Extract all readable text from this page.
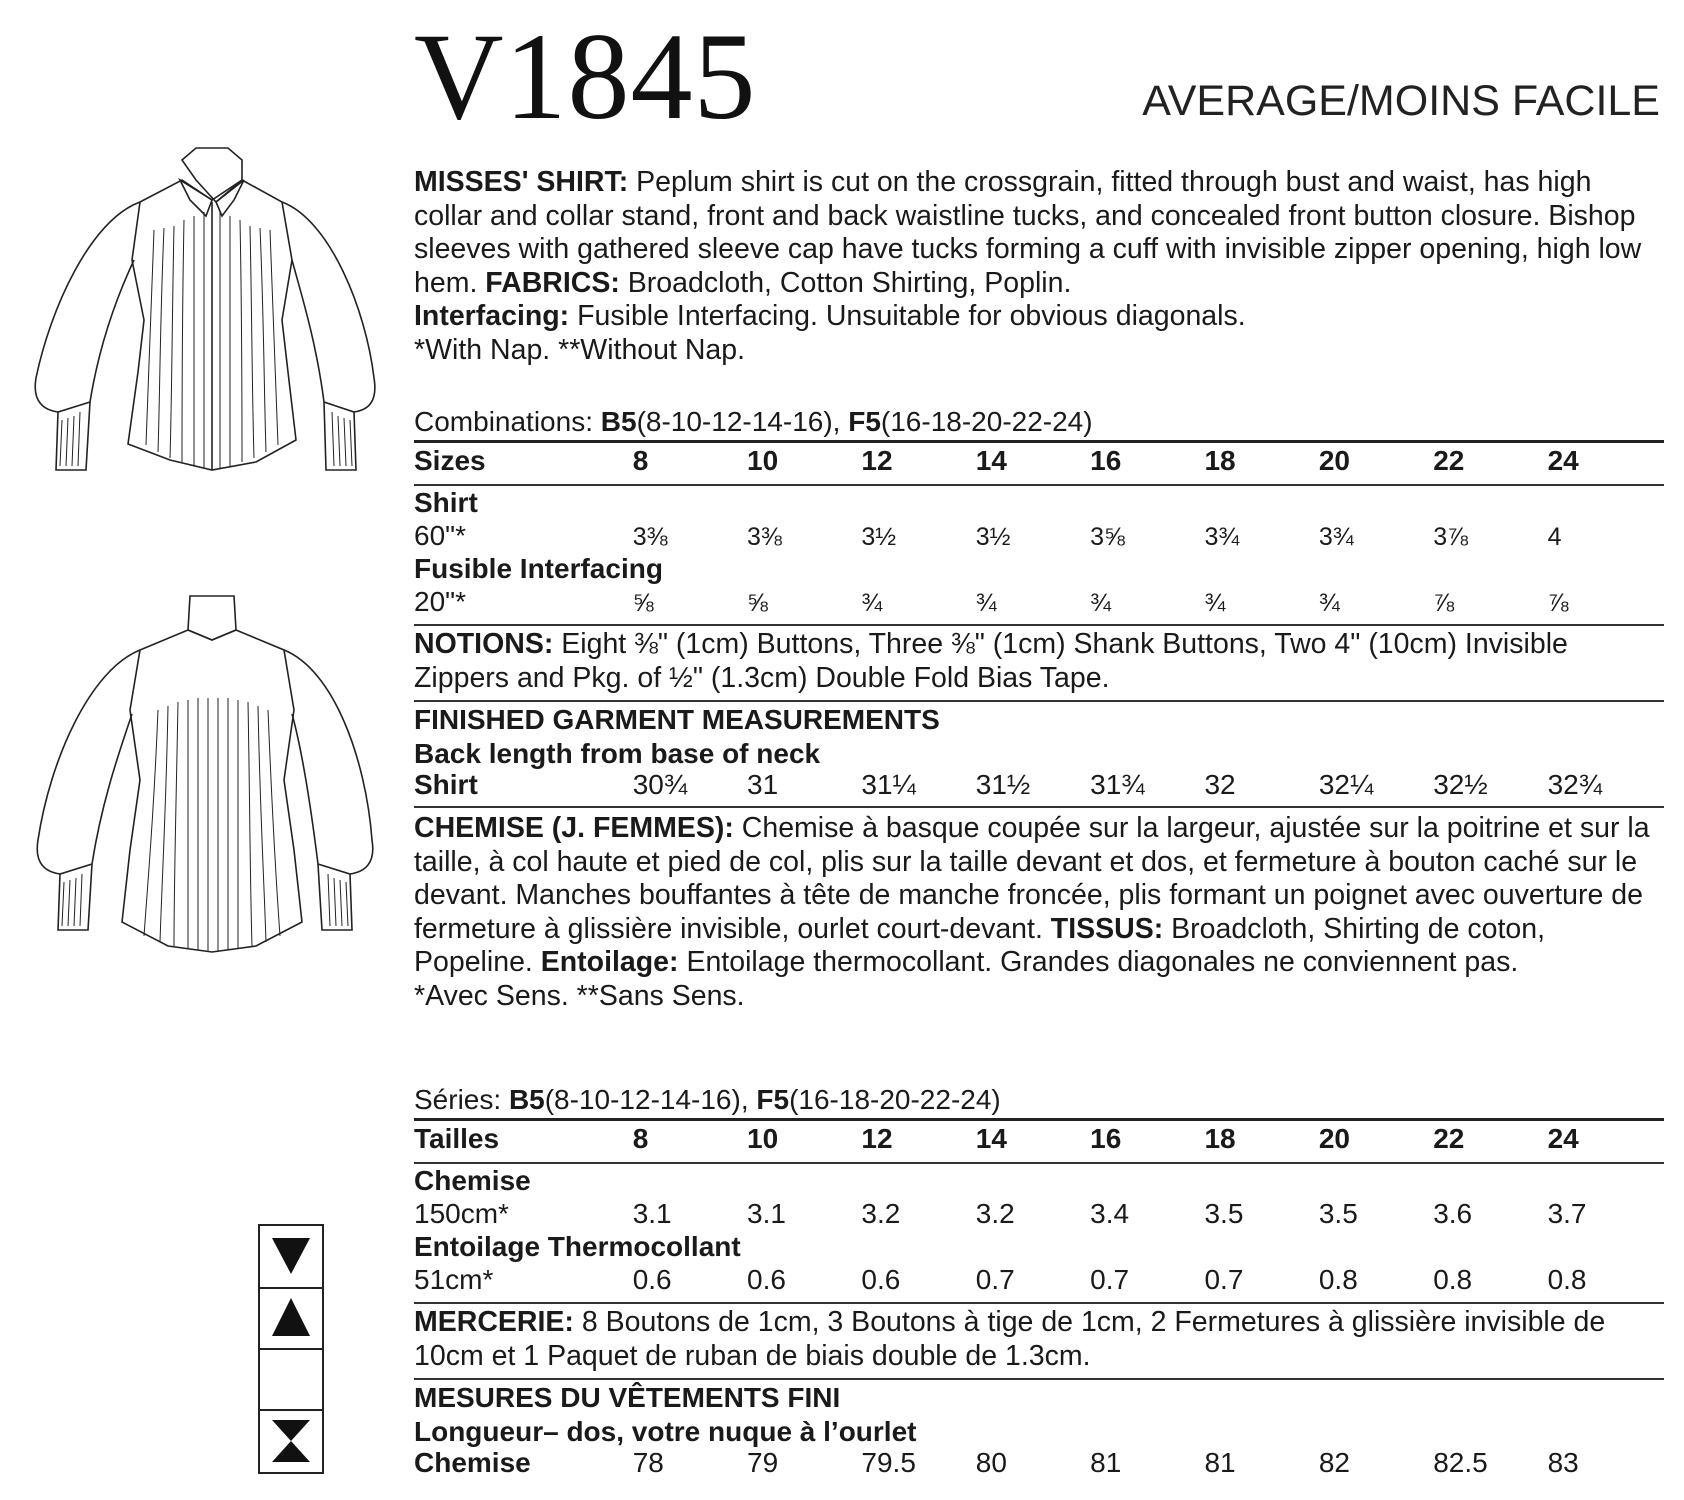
V1845	AVERAGE/MOINS FACILE
MISSES' SHIRT: Peplum shirt is cut on the crossgrain, fitted through bust and waist, has high collar and collar stand, front and back waistline tucks, and concealed front button closure. Bishop sleeves with gathered sleeve cap have tucks forming a cuff with invisible zipper opening, high low hem. FABRICS: Broadcloth, Cotton Shirting, Poplin.
Interfacing: Fusible Interfacing. Unsuitable for obvious diagonals.
*With Nap. **Without Nap.
Combinations: B5(8-10-12-14-16), F5(16-18-20-22-24)
Sizes	8	10	12	14	16	18	20	22	24
Shirt									
60"*	3⅜	3⅜	3½	3½	3⅝	3¾	3¾	3⅞	4
Fusible Interfacing									
20"*	⅝	⅝	¾	¾	¾	¾	¾	⅞	⅞
NOTIONS: Eight ⅜" (1cm) Buttons, Three ⅜" (1cm) Shank Buttons, Two 4" (10cm) Invisible Zippers and Pkg. of ½" (1.3cm) Double Fold Bias Tape.
FINISHED GARMENT MEASUREMENTS
Back length from base of neck
Shirt	30¾	31	31¼	31½	31¾	32	32¼	32½	32¾
CHEMISE (J. FEMMES): Chemise à basque coupée sur la largeur, ajustée sur la poitrine et sur la taille, à col haute et pied de col, plis sur la taille devant et dos, et fermeture à bouton caché sur le devant. Manches bouffantes à tête de manche froncée, plis formant un poignet avec ouverture de fermeture à glissière invisible, ourlet court-devant. TISSUS: Broadcloth, Shirting de coton, Popeline. Entoilage: Entoilage thermocollant. Grandes diagonales ne conviennent pas.
*Avec Sens. **Sans Sens.
Séries: B5(8-10-12-14-16), F5(16-18-20-22-24)
Tailles	8	10	12	14	16	18	20	22	24
Chemise									
150cm*	3.1	3.1	3.2	3.2	3.4	3.5	3.5	3.6	3.7
Entoilage Thermocollant									
51cm*	0.6	0.6	0.6	0.7	0.7	0.7	0.8	0.8	0.8
MERCERIE: 8 Boutons de 1cm, 3 Boutons à tige de 1cm, 2 Fermetures à glissière invisible de 10cm et 1 Paquet de ruban de biais double de 1.3cm.
MESURES DU VÊTEMENTS FINI
Longueur– dos, votre nuque à l’ourlet
Chemise	78	79	79.5	80	81	81	82	82.5	83
